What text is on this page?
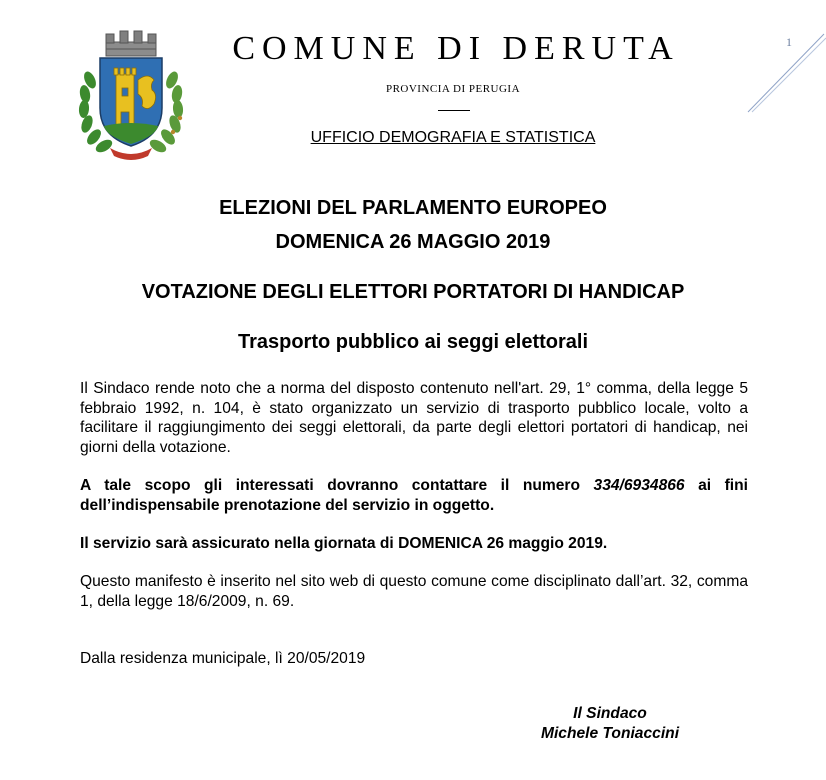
COMUNE DI DERUTA
PROVINCIA DI PERUGIA
UFFICIO DEMOGRAFIA E STATISTICA
1
ELEZIONI DEL PARLAMENTO EUROPEO
DOMENICA 26 MAGGIO 2019
VOTAZIONE DEGLI ELETTORI PORTATORI DI HANDICAP
Trasporto pubblico ai seggi elettorali
Il Sindaco rende noto che a norma del disposto contenuto nell'art. 29, 1° comma, della legge 5 febbraio 1992, n. 104, è stato organizzato un servizio di trasporto pubblico locale, volto a facilitare il raggiungimento dei seggi elettorali, da parte degli elettori portatori di handicap, nei giorni della votazione.
A tale scopo gli interessati dovranno contattare il numero 334/6934866 ai fini dell’indispensabile prenotazione del servizio in oggetto.
Il servizio sarà assicurato nella giornata di DOMENICA 26 maggio 2019.
Questo manifesto è inserito nel sito web di questo comune come disciplinato dall’art. 32, comma 1, della legge 18/6/2009, n. 69.
Dalla residenza municipale, lì 20/05/2019
Il Sindaco
Michele Toniaccini
